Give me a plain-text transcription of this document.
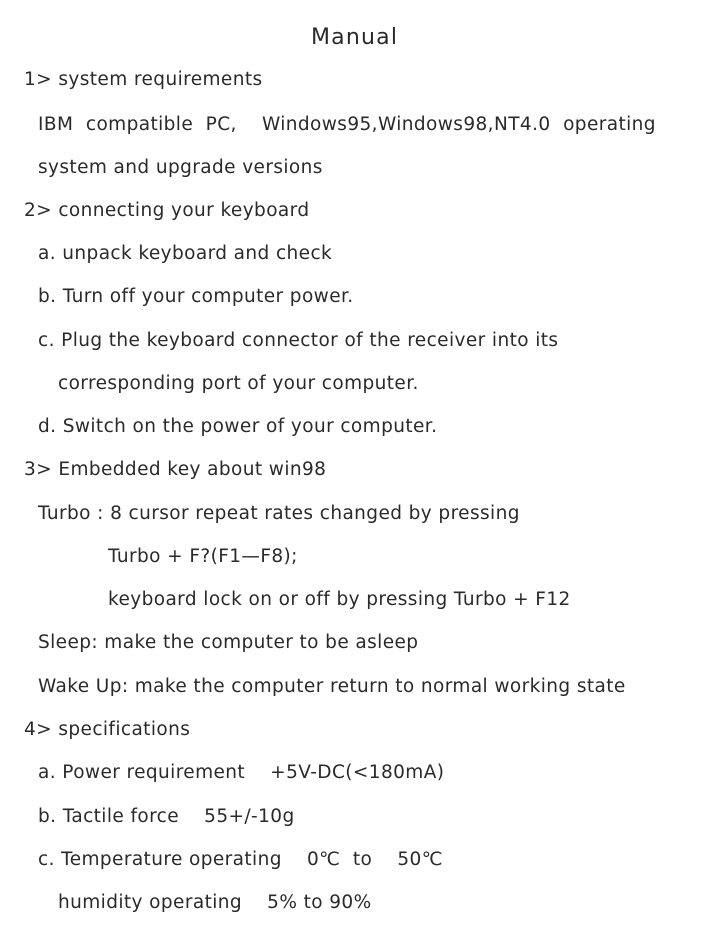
Manual
1> system requirements
IBM  compatible  PC,    Windows95,Windows98,NT4.0  operating
system and upgrade versions
2> connecting your keyboard
a. unpack keyboard and check
b. Turn off your computer power.
c. Plug the keyboard connector of the receiver into its
corresponding port of your computer.
d. Switch on the power of your computer.
3> Embedded key about win98
Turbo : 8 cursor repeat rates changed by pressing
Turbo + F?(F1—F8);
keyboard lock on or off by pressing Turbo + F12
Sleep: make the computer to be asleep
Wake Up: make the computer return to normal working state
4> specifications
a. Power requirement    +5V-DC(<180mA)
b. Tactile force    55+/-10g
c. Temperature operating    0℃  to    50℃
humidity operating    5% to 90%
